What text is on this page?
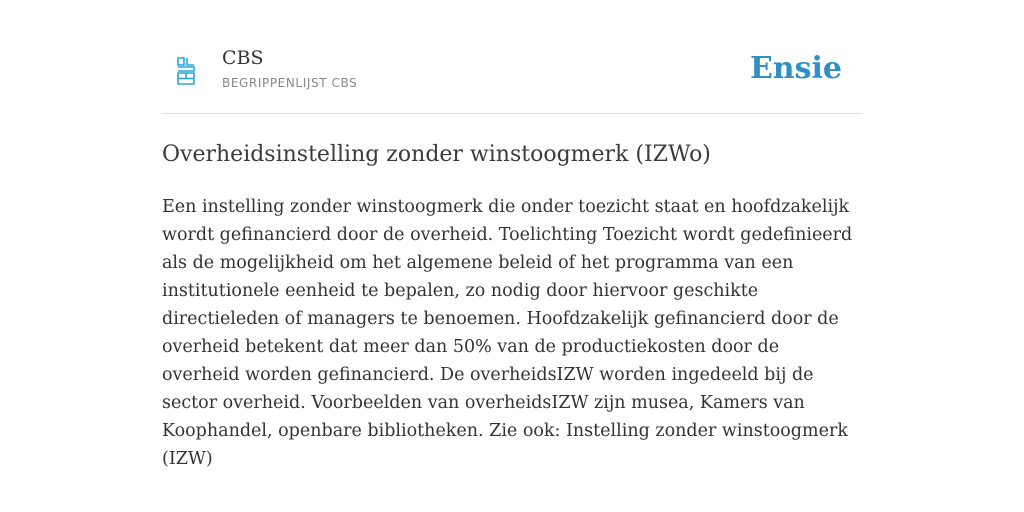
CBS
BEGRIPPENLIJST CBS	Ensie
Overheidsinstelling zonder winstoogmerk (IZWo)

Een instelling zonder winstoogmerk die onder toezicht staat en hoofdzakelijk wordt gefinancierd door de overheid. Toelichting Toezicht wordt gedefinieerd als de mogelijkheid om het algemene beleid of het programma van een institutionele eenheid te bepalen, zo nodig door hiervoor geschikte directieleden of managers te benoemen. Hoofdzakelijk gefinancierd door de overheid betekent dat meer dan 50% van de productiekosten door de overheid worden gefinancierd. De overheidsIZW worden ingedeeld bij de sector overheid. Voorbeelden van overheidsIZW zijn musea, Kamers van Koophandel, openbare bibliotheken. Zie ook: Instelling zonder winstoogmerk (IZW)
